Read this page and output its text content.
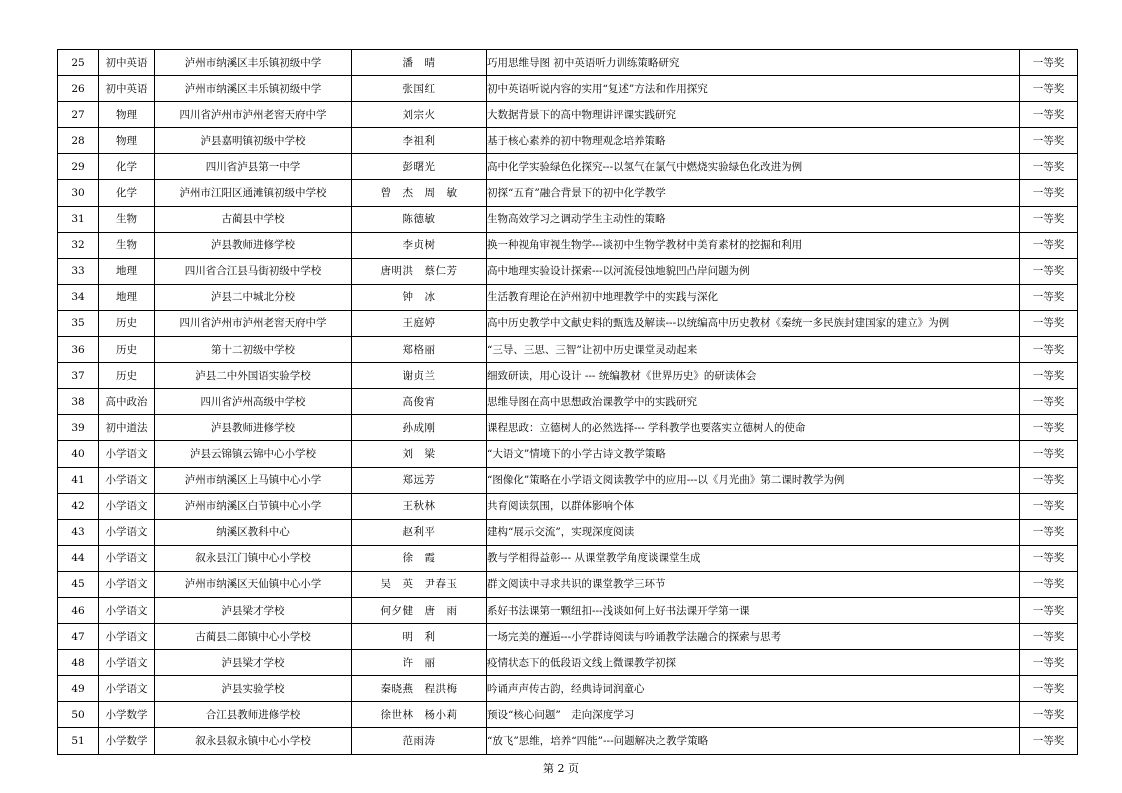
25	初中英语	泸州市纳溪区丰乐镇初级中学	潘　晴	巧用思维导图 初中英语听力训练策略研究	一等奖
26	初中英语	泸州市纳溪区丰乐镇初级中学	张国红	初中英语听说内容的实用“复述”方法和作用探究	一等奖
27	物理	四川省泸州市泸州老窖天府中学	刘宗火	大数据背景下的高中物理讲评课实践研究	一等奖
28	物理	泸县嘉明镇初级中学校	李祖利	基于核心素养的初中物理观念培养策略	一等奖
29	化学	四川省泸县第一中学	彭曙光	高中化学实验绿色化探究---以氢气在氯气中燃烧实验绿色化改进为例	一等奖
30	化学	泸州市江阳区通滩镇初级中学校	曾　杰　周　敏	初探“五育”融合背景下的初中化学教学	一等奖
31	生物	古蔺县中学校	陈德敏	生物高效学习之调动学生主动性的策略	一等奖
32	生物	泸县教师进修学校	李贞树	换一种视角审视生物学---谈初中生物学教材中美育素材的挖掘和利用	一等奖
33	地理	四川省合江县马街初级中学校	唐明洪　蔡仁芳	高中地理实验设计探索---以河流侵蚀地貌凹凸岸问题为例	一等奖
34	地理	泸县二中城北分校	钟　冰	生活教育理论在泸州初中地理教学中的实践与深化	一等奖
35	历史	四川省泸州市泸州老窖天府中学	王庭婷	高中历史教学中文献史料的甄选及解读---以统编高中历史教材《秦统一多民族封建国家的建立》为例	一等奖
36	历史	第十二初级中学校	郑格丽	“三导、三思、三智”让初中历史课堂灵动起来	一等奖
37	历史	泸县二中外国语实验学校	谢贞兰	细致研读，用心设计 --- 统编教材《世界历史》的研读体会	一等奖
38	高中政治	四川省泸州高级中学校	高俊宵	思维导图在高中思想政治课教学中的实践研究	一等奖
39	初中道法	泸县教师进修学校	孙成刚	课程思政：立德树人的必然选择--- 学科教学也要落实立德树人的使命	一等奖
40	小学语文	泸县云锦镇云锦中心小学校	刘　梁	“大语文”情境下的小学古诗文教学策略	一等奖
41	小学语文	泸州市纳溪区上马镇中心小学	郑远芳	“图像化”策略在小学语文阅读教学中的应用---以《月光曲》第二课时教学为例	一等奖
42	小学语文	泸州市纳溪区白节镇中心小学	王秋林	共育阅读氛围，以群体影响个体	一等奖
43	小学语文	纳溪区教科中心	赵利平	建构“展示交流”，实现深度阅读	一等奖
44	小学语文	叙永县江门镇中心小学校	徐　霞	教与学相得益彰--- 从课堂教学角度谈课堂生成	一等奖
45	小学语文	泸州市纳溪区天仙镇中心小学	吴　英　尹春玉	群文阅读中寻求共识的课堂教学三环节	一等奖
46	小学语文	泸县梁才学校	何夕健　唐　雨	系好书法课第一颗纽扣---浅谈如何上好书法课开学第一课	一等奖
47	小学语文	古蔺县二郎镇中心小学校	明　利	一场完美的邂逅---小学群诗阅读与吟诵教学法融合的探索与思考	一等奖
48	小学语文	泸县梁才学校	许　丽	疫情状态下的低段语文线上微课教学初探	一等奖
49	小学语文	泸县实验学校	秦晓燕　程洪梅	吟诵声声传古韵，经典诗词润童心	一等奖
50	小学数学	合江县教师进修学校	徐世林　杨小莉	预设“核心问题”　走向深度学习	一等奖
51	小学数学	叙永县叙永镇中心小学校	范雨涛	“放飞”思维，培养“四能”---问题解决之教学策略	一等奖
第 2 页
